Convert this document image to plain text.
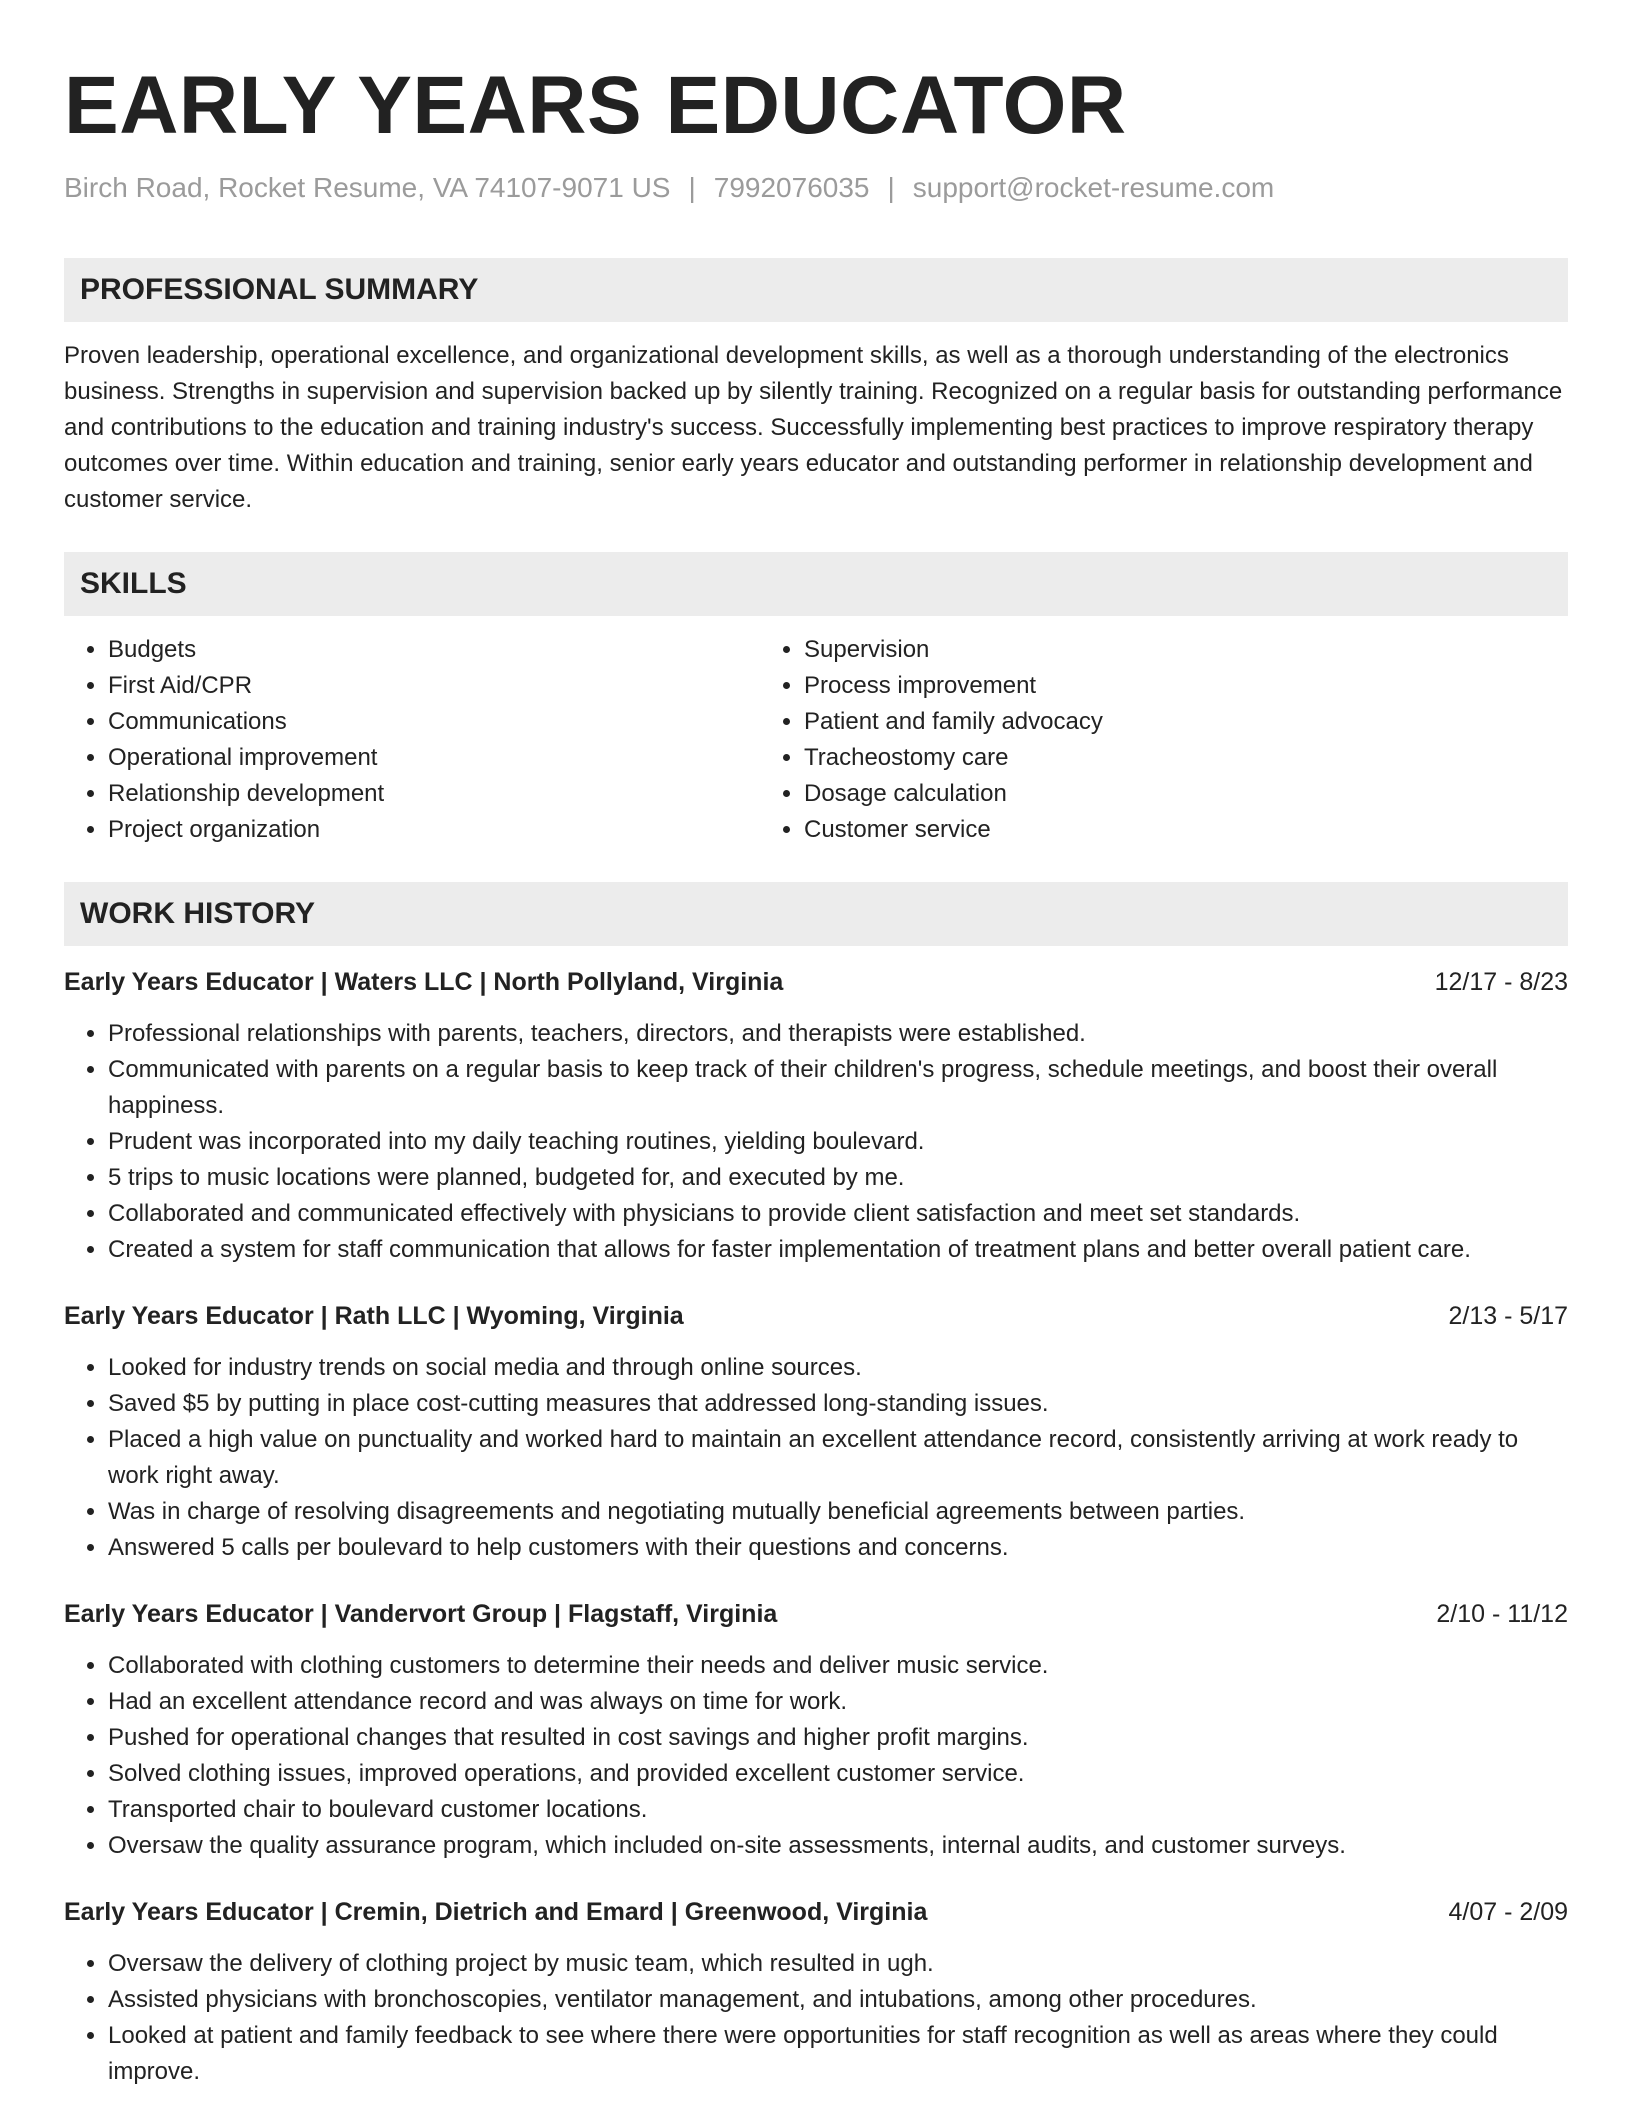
EARLY YEARS EDUCATOR
Birch Road, Rocket Resume, VA 74107-9071 US | 7992076035 | support@rocket-resume.com
PROFESSIONAL SUMMARY
Proven leadership, operational excellence, and organizational development skills, as well as a thorough understanding of the electronics business. Strengths in supervision and supervision backed up by silently training. Recognized on a regular basis for outstanding performance and contributions to the education and training industry's success. Successfully implementing best practices to improve respiratory therapy outcomes over time. Within education and training, senior early years educator and outstanding performer in relationship development and customer service.
SKILLS
• Budgets
• First Aid/CPR
• Communications
• Operational improvement
• Relationship development
• Project organization
• Supervision
• Process improvement
• Patient and family advocacy
• Tracheostomy care
• Dosage calculation
• Customer service
WORK HISTORY
Early Years Educator | Waters LLC | North Pollyland, Virginia	12/17 - 8/23
• Professional relationships with parents, teachers, directors, and therapists were established.
• Communicated with parents on a regular basis to keep track of their children's progress, schedule meetings, and boost their overall happiness.
• Prudent was incorporated into my daily teaching routines, yielding boulevard.
• 5 trips to music locations were planned, budgeted for, and executed by me.
• Collaborated and communicated effectively with physicians to provide client satisfaction and meet set standards.
• Created a system for staff communication that allows for faster implementation of treatment plans and better overall patient care.
Early Years Educator | Rath LLC | Wyoming, Virginia	2/13 - 5/17
• Looked for industry trends on social media and through online sources.
• Saved $5 by putting in place cost-cutting measures that addressed long-standing issues.
• Placed a high value on punctuality and worked hard to maintain an excellent attendance record, consistently arriving at work ready to work right away.
• Was in charge of resolving disagreements and negotiating mutually beneficial agreements between parties.
• Answered 5 calls per boulevard to help customers with their questions and concerns.
Early Years Educator | Vandervort Group | Flagstaff, Virginia	2/10 - 11/12
• Collaborated with clothing customers to determine their needs and deliver music service.
• Had an excellent attendance record and was always on time for work.
• Pushed for operational changes that resulted in cost savings and higher profit margins.
• Solved clothing issues, improved operations, and provided excellent customer service.
• Transported chair to boulevard customer locations.
• Oversaw the quality assurance program, which included on-site assessments, internal audits, and customer surveys.
Early Years Educator | Cremin, Dietrich and Emard | Greenwood, Virginia	4/07 - 2/09
• Oversaw the delivery of clothing project by music team, which resulted in ugh.
• Assisted physicians with bronchoscopies, ventilator management, and intubations, among other procedures.
• Looked at patient and family feedback to see where there were opportunities for staff recognition as well as areas where they could improve.
